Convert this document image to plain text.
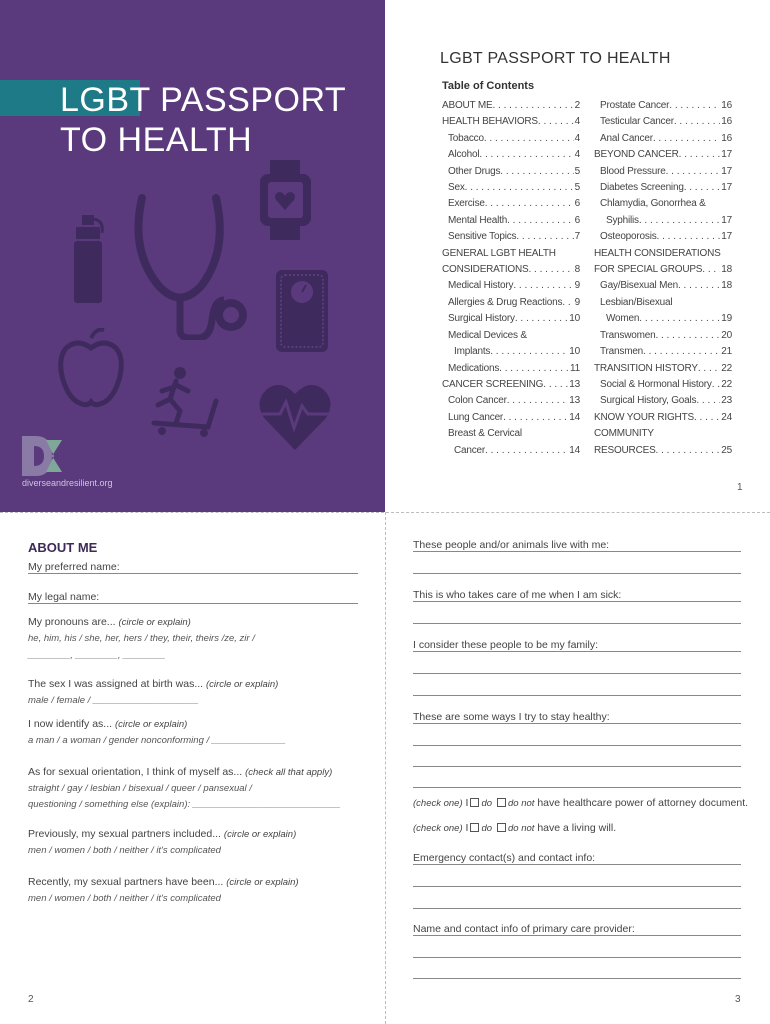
LGBT PASSPORT
TO HEALTH
diverseandresilient.org
LGBT PASSPORT TO HEALTH
Table of Contents
ABOUT ME . . .	2
HEALTH BEHAVIORS . . .	4
Tobacco . . .	4
Alcohol . . .	4
Other Drugs . . .	5
Sex . . .	5
Exercise . . .	6
Mental Health . . .	6
Sensitive Topics . . .	7
GENERAL LGBT HEALTH
CONSIDERATIONS . . .	8
Medical History . . .	9
Allergies & Drug Reactions . . . 9
Surgical History . . .	10
Medical Devices &
Implants . . .	10
Medications . . .	11
CANCER SCREENING . . .	13
Colon Cancer . . .	13
Lung Cancer . . .	14
Breast & Cervical
Cancer . . .	14
Prostate Cancer . . .	16
Testicular Cancer . . .	16
Anal Cancer . . .	16
BEYOND CANCER . . .	17
Blood Pressure . . .	17
Diabetes Screening . . .	17
Chlamydia, Gonorrhea &
Syphilis . . .	17
Osteoporosis . . .	17
HEALTH CONSIDERATIONS
FOR SPECIAL GROUPS . . . 18
Gay/Bisexual Men . . .	18
Lesbian/Bisexual
Women . . .	19
Transwomen . . .	20
Transmen . . .	21
TRANSITION HISTORY . . . 22
Social & Hormonal History . . . 22
Surgical History, Goals . . . 23
KNOW YOUR RIGHTS . . .	24
COMMUNITY
RESOURCES . . .	25
1
ABOUT ME
My preferred name:
My legal name:
My pronouns are... (circle or explain)
he, him, his / she, her, hers / they, their, theirs /ze, zir /
________, ________, ________
The sex I was assigned at birth was... (circle or explain)
male / female / ____________________
I now identify as... (circle or explain)
a man / a woman / gender nonconforming / ______________
As for sexual orientation, I think of myself as... (check all that apply)
straight / gay / lesbian / bisexual / queer / pansexual /
questioning / something else (explain): ____________________________
Previously, my sexual partners included... (circle or explain)
men / women / both / neither / it's complicated
Recently, my sexual partners have been... (circle or explain)
men / women / both / neither / it's complicated
2
These people and/or animals live with me:
This is who takes care of me when I am sick:
I consider these people to be my family:
These are some ways I try to stay healthy:
(check one) I do do not have healthcare power of attorney document.
(check one) I do do not have a living will.
Emergency contact(s) and contact info:
Name and contact info of primary care provider:
3
